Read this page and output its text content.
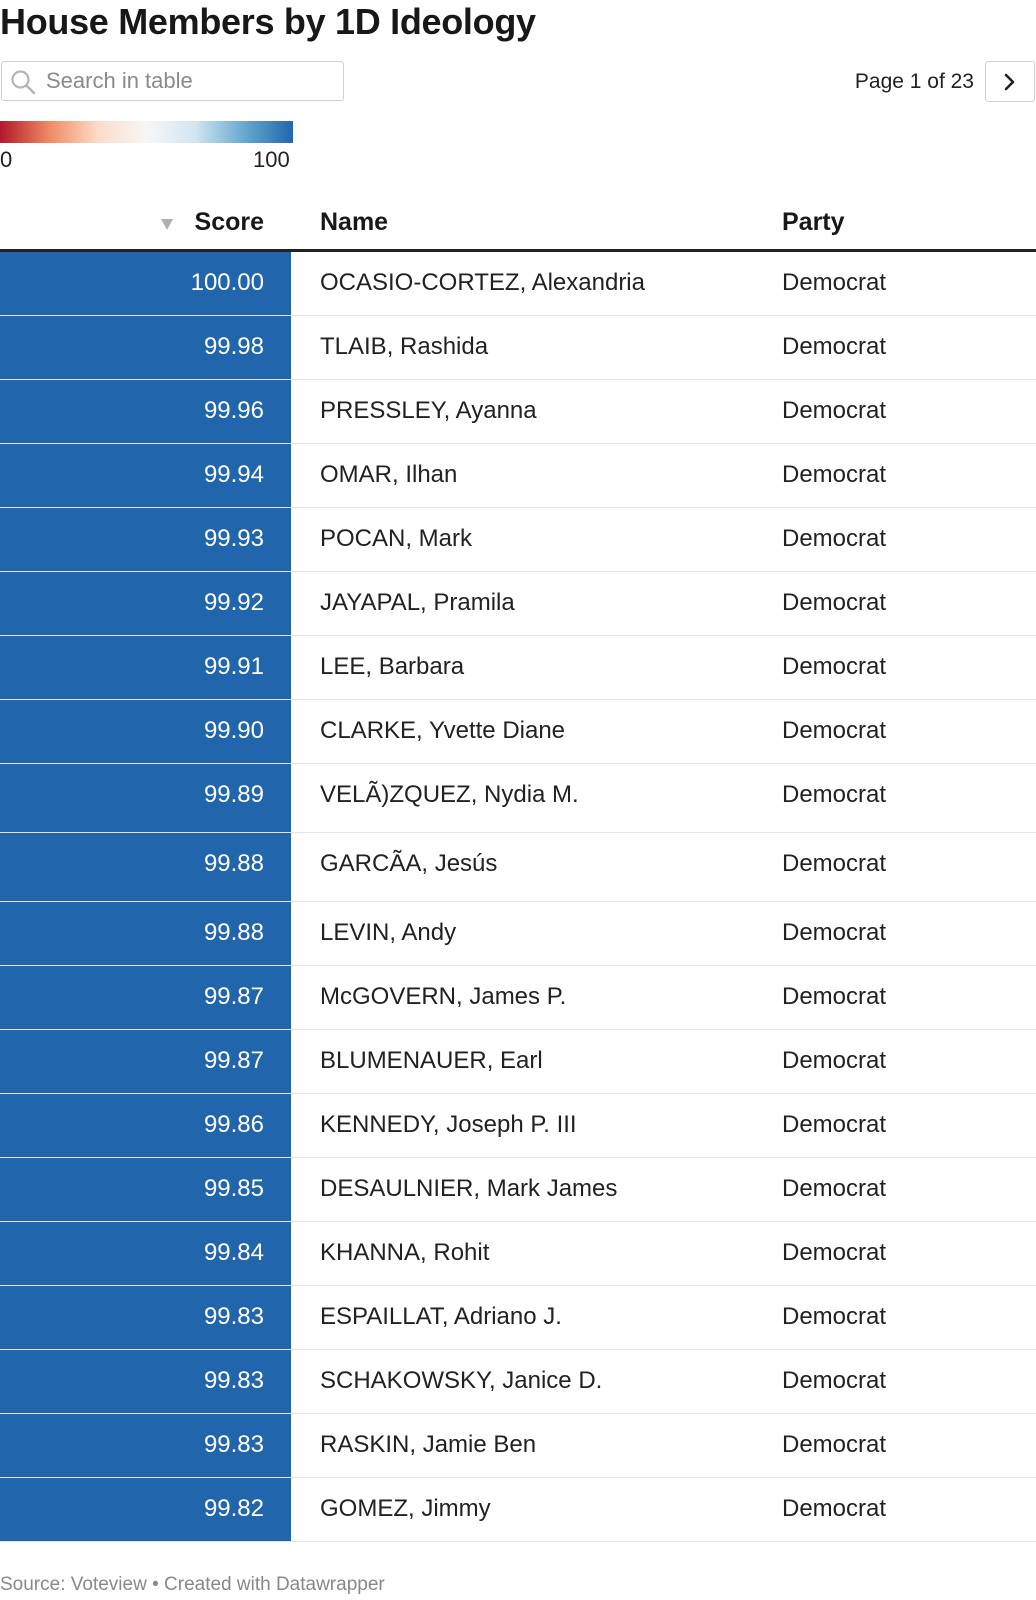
House Members by 1D Ideology
Search in table
Page 1 of 23
0	100
Score Name	Party
100.00	OCASIO-CORTEZ, Alexandria	Democrat
99.98	TLAIB, Rashida	Democrat
99.96	PRESSLEY, Ayanna	Democrat
99.94	OMAR, Ilhan	Democrat
99.93	POCAN, Mark	Democrat
99.92	JAYAPAL, Pramila	Democrat
99.91	LEE, Barbara	Democrat
99.90	CLARKE, Yvette Diane	Democrat
99.89	VELÃ)ZQUEZ, Nydia M.	Democrat
99.88	GARCÃA, Jesús	Democrat
99.88	LEVIN, Andy	Democrat
99.87	McGOVERN, James P.	Democrat
99.87	BLUMENAUER, Earl	Democrat
99.86	KENNEDY, Joseph P. III	Democrat
99.85	DESAULNIER, Mark James	Democrat
99.84	KHANNA, Rohit	Democrat
99.83	ESPAILLAT, Adriano J.	Democrat
99.83	SCHAKOWSKY, Janice D.	Democrat
99.83	RASKIN, Jamie Ben	Democrat
99.82	GOMEZ, Jimmy	Democrat
Source: Voteview • Created with Datawrapper
